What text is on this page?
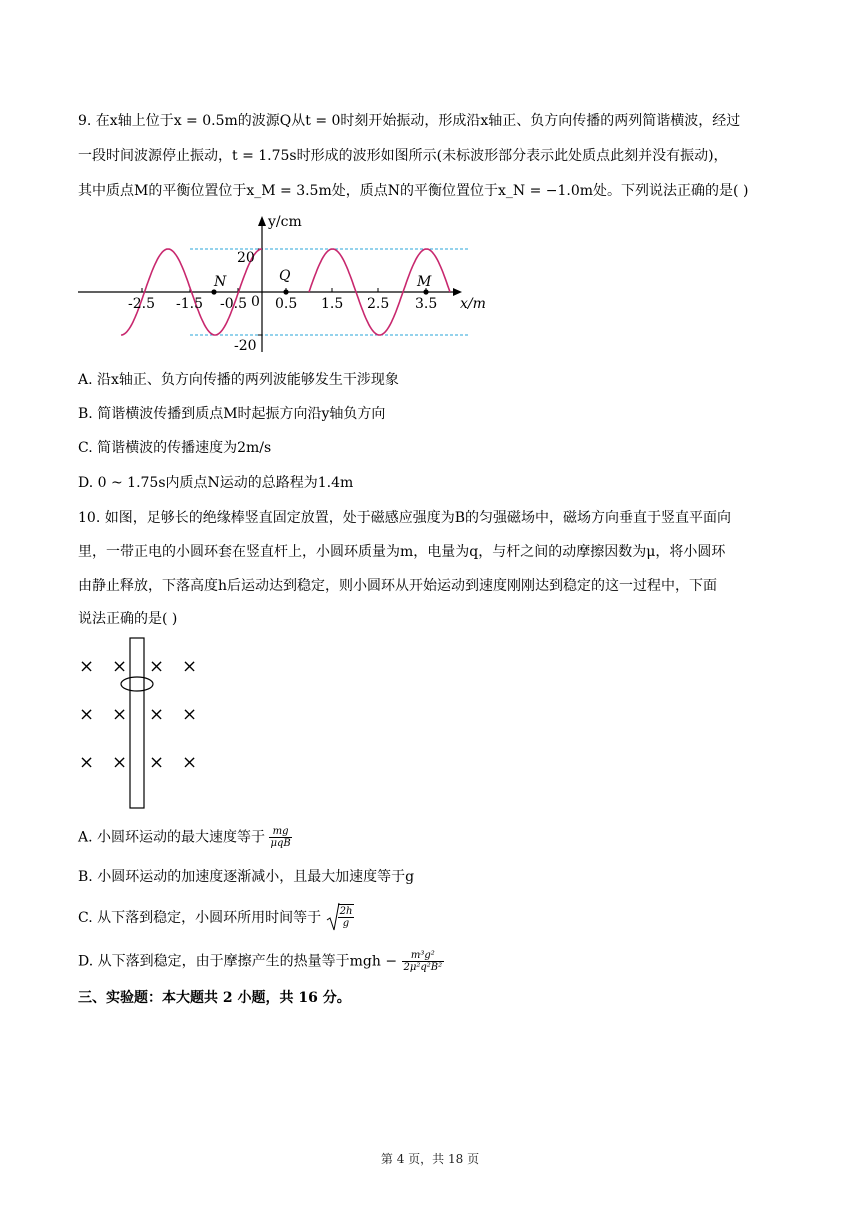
9. 在x轴上位于x = 0.5m的波源Q从t = 0时刻开始振动，形成沿x轴正、负方向传播的两列简谐横波，经过
一段时间波源停止振动，t = 1.75s时形成的波形如图所示(未标波形部分表示此处质点此刻并没有振动)，
其中质点M的平衡位置位于x_M = 3.5m处，质点N的平衡位置位于x_N = −1.0m处。下列说法正确的是( )
y/cm
x/m
20
-20
0
-2.5 -1.5 -0.5 0.5 1.5 2.5 3.5
N	Q	M
A. 沿x轴正、负方向传播的两列波能够发生干涉现象
B. 简谐横波传播到质点M时起振方向沿y轴负方向
C. 简谐横波的传播速度为2m/s
D. 0 ~ 1.75s内质点N运动的总路程为1.4m
10. 如图，足够长的绝缘棒竖直固定放置，处于磁感应强度为B的匀强磁场中，磁场方向垂直于竖直平面向
里，一带正电的小圆环套在竖直杆上，小圆环质量为m，电量为q，与杆之间的动摩擦因数为μ，将小圆环
由静止释放，下落高度h后运动达到稳定，则小圆环从开始运动到速度刚刚达到稳定的这一过程中，下面
说法正确的是( )
× × × ×
× × × ×
× × × ×
A. 小圆环运动的最大速度等于 mg
μqB
B. 小圆环运动的加速度逐渐减小，且最大加速度等于g
C. 从下落到稳定，小圆环所用时间等于 $\frac{2h}{g}$
D. 从下落到稳定，由于摩擦产生的热量等于mgh − $\frac{\text{m³g²}}{\text{2μ²q²B²}}$
三、实验题：本大题共 2 小题，共 16 分。
第 4 页，共 18 页
